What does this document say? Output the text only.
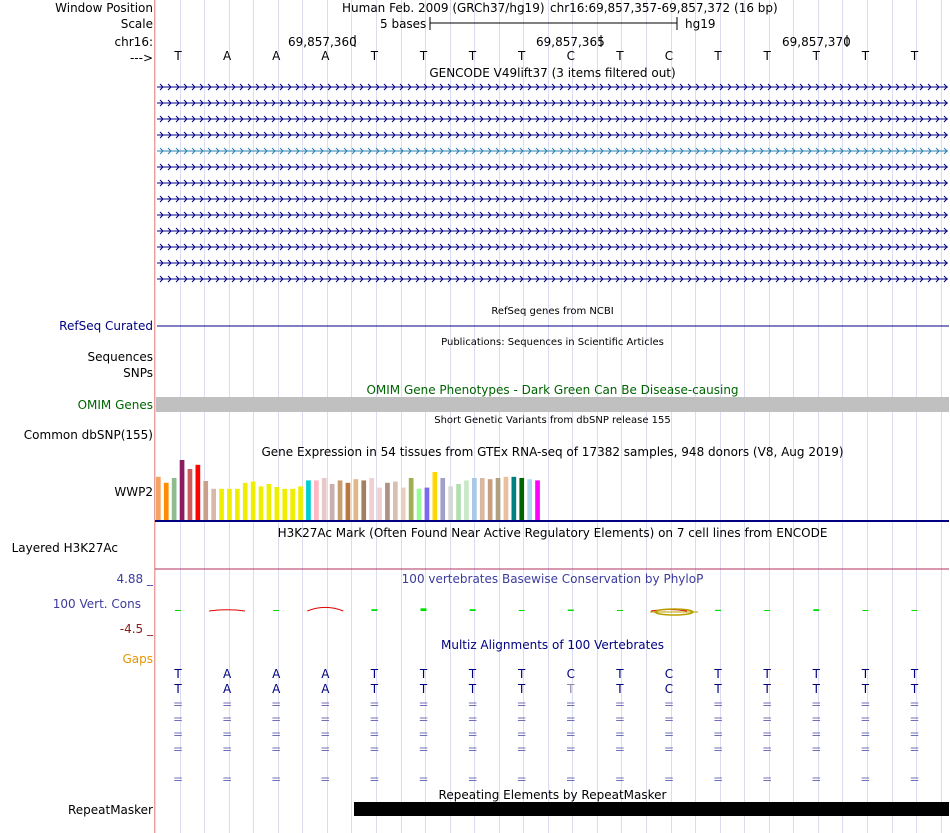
Window Position
Scale
chr16:
--->
Human Feb. 2009 (GRCh37/hg19) chr16:69,857,357-69,857,372 (16 bp)
5 bases	hg19
69,857,360	69,857,365	69,857,370
T	A	A	A	T	T	T	T	C	T	C	T	T	T	T	T
GENCODE V49lift37 (3 items filtered out)
RefSeq genes from NCBI
RefSeq Curated
Publications: Sequences in Scientific Articles
Sequences
SNPs
OMIM Gene Phenotypes - Dark Green Can Be Disease-causing
OMIM Genes
Short Genetic Variants from dbSNP release 155
Common dbSNP(155)
Gene Expression in 54 tissues from GTEx RNA-seq of 17382 samples, 948 donors (V8, Aug 2019)
WWP2
H3K27Ac Mark (Often Found Near Active Regulatory Elements) on 7 cell lines from ENCODE
Layered H3K27Ac
100 vertebrates Basewise Conservation by PhyloP
4.88 _
100 Vert. Cons
-4.5 _
Multiz Alignments of 100 Vertebrates
Gaps
T	A	A	A	T	T	T	T	C	T	C	T	T	T	T	T
T	A	A	A	T	T	T	T	T	T	C	T	T	T	T	T
=	=	=	=	=	=	=	=	=	=	=	=	=	=	=	=
=	=	=	=	=	=	=	=	=	=	=	=	=	=	=	=
=	=	=	=	=	=	=	=	=	=	=	=	=	=	=	=
=	=	=	=	=	=	=	=	=	=	=	=	=	=	=	=
=	=	=	=	=	=	=	=	=	=	=	=	=	=	=	=
Repeating Elements by RepeatMasker
RepeatMasker
